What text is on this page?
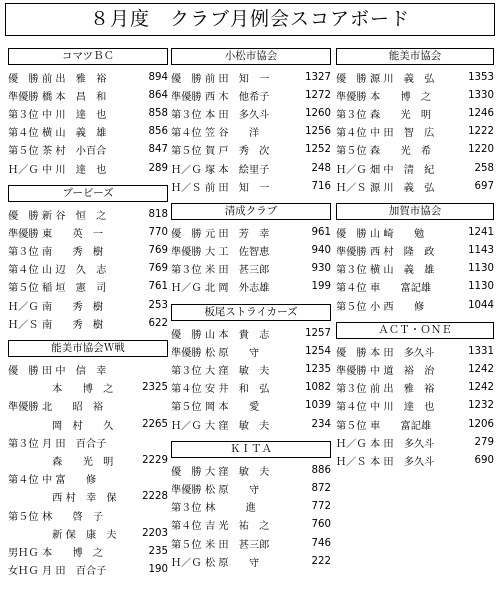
８月度　クラブ月例会スコアボード
コマツＢＣ
優　勝 前 出　雅　裕	894
準優勝 橋 本　昌　和	864
第３位 中 川　達　也	858
第４位 横 山　義　雄	856
第５位 茶 村　小百合	847
Ｈ／Ｇ 中 川　達　也	289
ブービーズ
優　勝 新 谷　恒　之	818
準優勝 東　　英　一	770
第３位 南　　秀　樹	769
第４位 山 辺　久　志	769
第５位 稲 垣　憲　司	761
Ｈ／Ｇ 南　　秀　樹	253
Ｈ／Ｓ 南　　秀　樹	622
能美市協会Ｗ戦
優　勝 田 中　信　幸
　本　　博　之	2325
準優勝 北　　昭　裕
　岡　村　　久	2265
第３位 月 田　百合子
　森　　光　明	2229
第４位 中 富　　修
　西 村　幸　保	2228
第５位 林　　啓　子
　新 保　康　夫	2203
男ＨＧ 本　　博　之	235
女ＨＧ 月 田　百合子	190
小松市協会
優　勝 前 田　知　一	1327
準優勝 西 木　他希子	1272
第３位 本 田　多久斗	1260
第４位 笠 谷　　洋	1256
第５位 賀 戸　秀　次	1252
Ｈ／Ｇ 塚 本　絵里子	248
Ｈ／Ｓ 前 田　知　一	716
清成クラブ
優　勝 元 田　芳　幸	961
準優勝 大 工　佐智恵	940
第３位 米 田　甚三郎	930
Ｈ／Ｇ 北 岡　外志雄	199
板尾ストライカーズ
優　勝 山 本　貴　志	1257
準優勝 松 原　　守	1254
第３位 大 窪　敏　夫	1235
第４位 安 井　和　弘	1082
第５位 岡 本　　愛	1039
Ｈ／Ｇ 大 窪　敏　夫	234
ＫＩＴＡ
優　勝 大 窪　敏　夫	886
準優勝 松 原　　守	872
第３位 林　　　進	772
第４位 吉 光　祐　之	760
第５位 米 田　甚三郎	746
Ｈ／Ｇ 松 原　　守	222
能美市協会
優　勝 源 川　義　弘	1353
準優勝 本　　博　之	1330
第３位 森　　光　明	1246
第４位 中 田　智　広	1222
第５位 森　　光　希	1220
Ｈ／Ｇ 畑 中　清　紀	258
Ｈ／Ｓ 源 川　義　弘	697
加賀市協会
優　勝 山 崎　　勉	1241
準優勝 西 村　隆　政	1143
第３位 横 山　義　雄	1130
第４位 車　　富記雄	1130
第５位 小 西　　修	1044
ＡＣＴ・ＯＮＥ
優　勝 本 田　多久斗	1331
準優勝 中 道　裕　治	1242
第３位 前 出　雅　裕	1242
第４位 中 川　達　也	1232
第５位 車　　富記雄	1206
Ｈ／Ｇ 本 田　多久斗	279
Ｈ／Ｓ 本 田　多久斗	690
